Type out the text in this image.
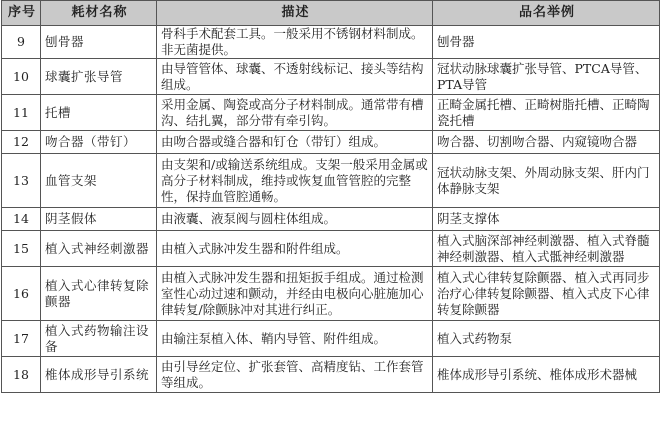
序号	耗材名称	描述	品名举例
9	刨骨器	骨科手术配套工具。一般采用不锈钢材料制成。非无菌提供。	刨骨器
10	球囊扩张导管	由导管管体、球囊、不透射线标记、接头等结构组成。	冠状动脉球囊扩张导管、PTCA导管、PTA导管
11	托槽	采用金属、陶瓷或高分子材料制成。通常带有槽沟、结扎翼，部分带有牵引钩。	正畸金属托槽、正畸树脂托槽、正畸陶瓷托槽
12	吻合器（带钉）	由吻合器或缝合器和钉仓（带钉）组成。	吻合器、切割吻合器、内窥镜吻合器
13	血管支架	由支架和/或输送系统组成。支架一般采用金属或高分子材料制成，维持或恢复血管管腔的完整性，保持血管腔通畅。	冠状动脉支架、外周动脉支架、肝内门体静脉支架
14	阴茎假体	由液囊、液泵阀与圆柱体组成。	阴茎支撑体
15	植入式神经刺激器	由植入式脉冲发生器和附件组成。	植入式脑深部神经刺激器、植入式脊髓神经刺激器、植入式骶神经刺激器
16	植入式心律转复除颤器	由植入式脉冲发生器和扭矩扳手组成。通过检测室性心动过速和颤动，并经由电极向心脏施加心律转复/除颤脉冲对其进行纠正。	植入式心律转复除颤器、植入式再同步治疗心律转复除颤器、植入式皮下心律转复除颤器
17	植入式药物输注设备	由输注泵植入体、鞘内导管、附件组成。	植入式药物泵
18	椎体成形导引系统	由引导丝定位、扩张套管、高精度钻、工作套管等组成。	椎体成形导引系统、椎体成形术器械
